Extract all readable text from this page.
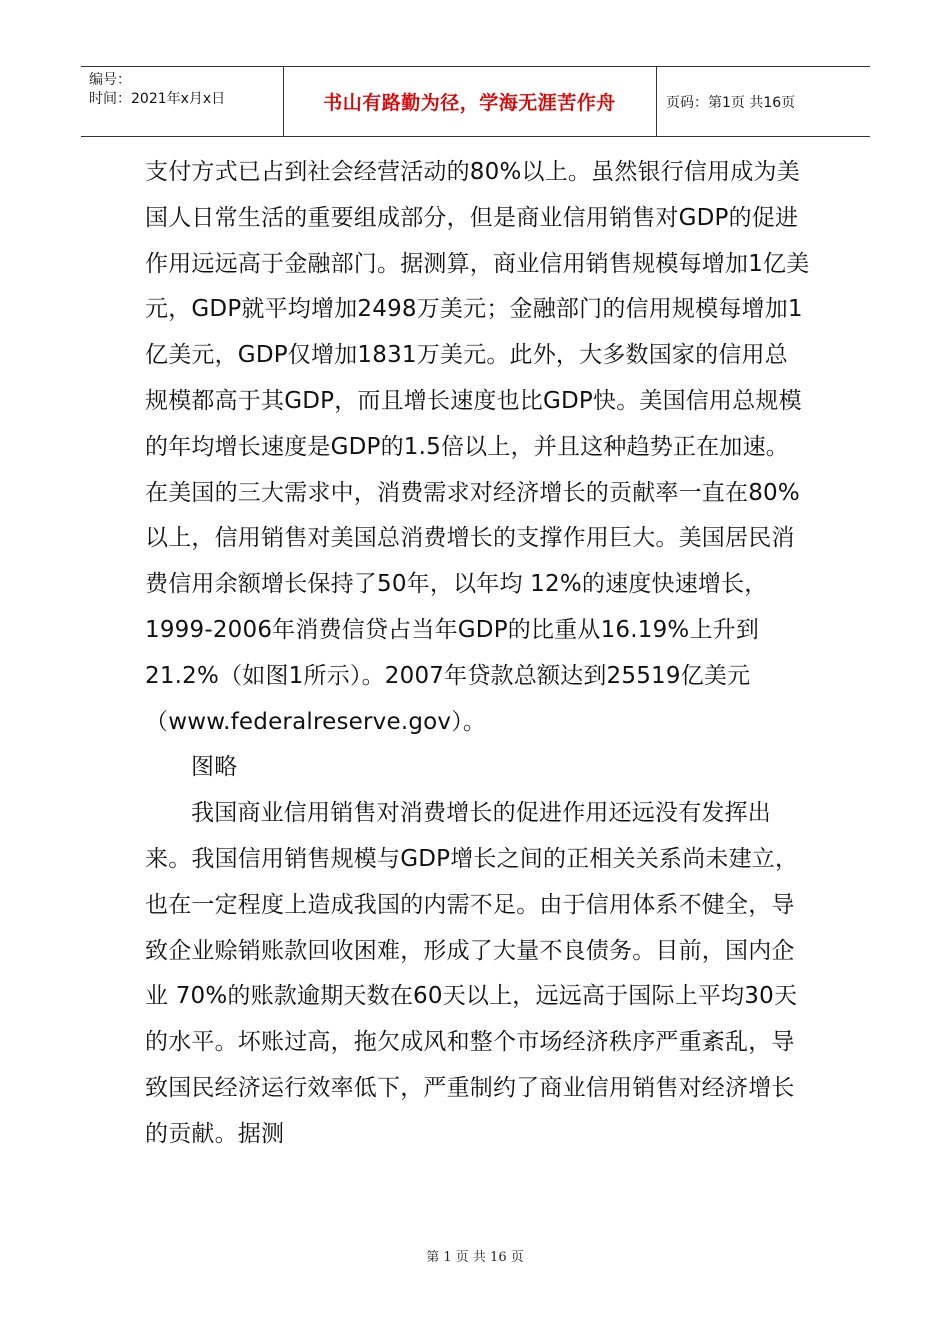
编号：
时间：2021年x月x日	书山有路勤为径，学海无涯苦作舟	页码：第1页 共16页

支付方式已占到社会经营活动的80%以上。虽然银行信用成为美国人日常生活的重要组成部分，但是商业信用销售对GDP的促进作用远远高于金融部门。据测算，商业信用销售规模每增加1亿美元，GDP就平均增加2498万美元；金融部门的信用规模每增加1亿美元，GDP仅增加1831万美元。此外，大多数国家的信用总规模都高于其GDP，而且增长速度也比GDP快。美国信用总规模的年均增长速度是GDP的1.5倍以上，并且这种趋势正在加速。在美国的三大需求中，消费需求对经济增长的贡献率一直在80%以上，信用销售对美国总消费增长的支撑作用巨大。美国居民消费信用余额增长保持了50年，以年均 12%的速度快速增长，1999-2006年消费信贷占当年GDP的比重从16.19%上升到21.2%（如图1所示）。2007年贷款总额达到25519亿美元（www.federalreserve.gov）。

图略

我国商业信用销售对消费增长的促进作用还远没有发挥出来。我国信用销售规模与GDP增长之间的正相关关系尚未建立，也在一定程度上造成我国的内需不足。由于信用体系不健全，导致企业赊销账款回收困难，形成了大量不良债务。目前，国内企业 70%的账款逾期天数在60天以上，远远高于国际上平均30天的水平。坏账过高，拖欠成风和整个市场经济秩序严重紊乱，导致国民经济运行效率低下，严重制约了商业信用销售对经济增长的贡献。据测

第 1 页 共 16 页
